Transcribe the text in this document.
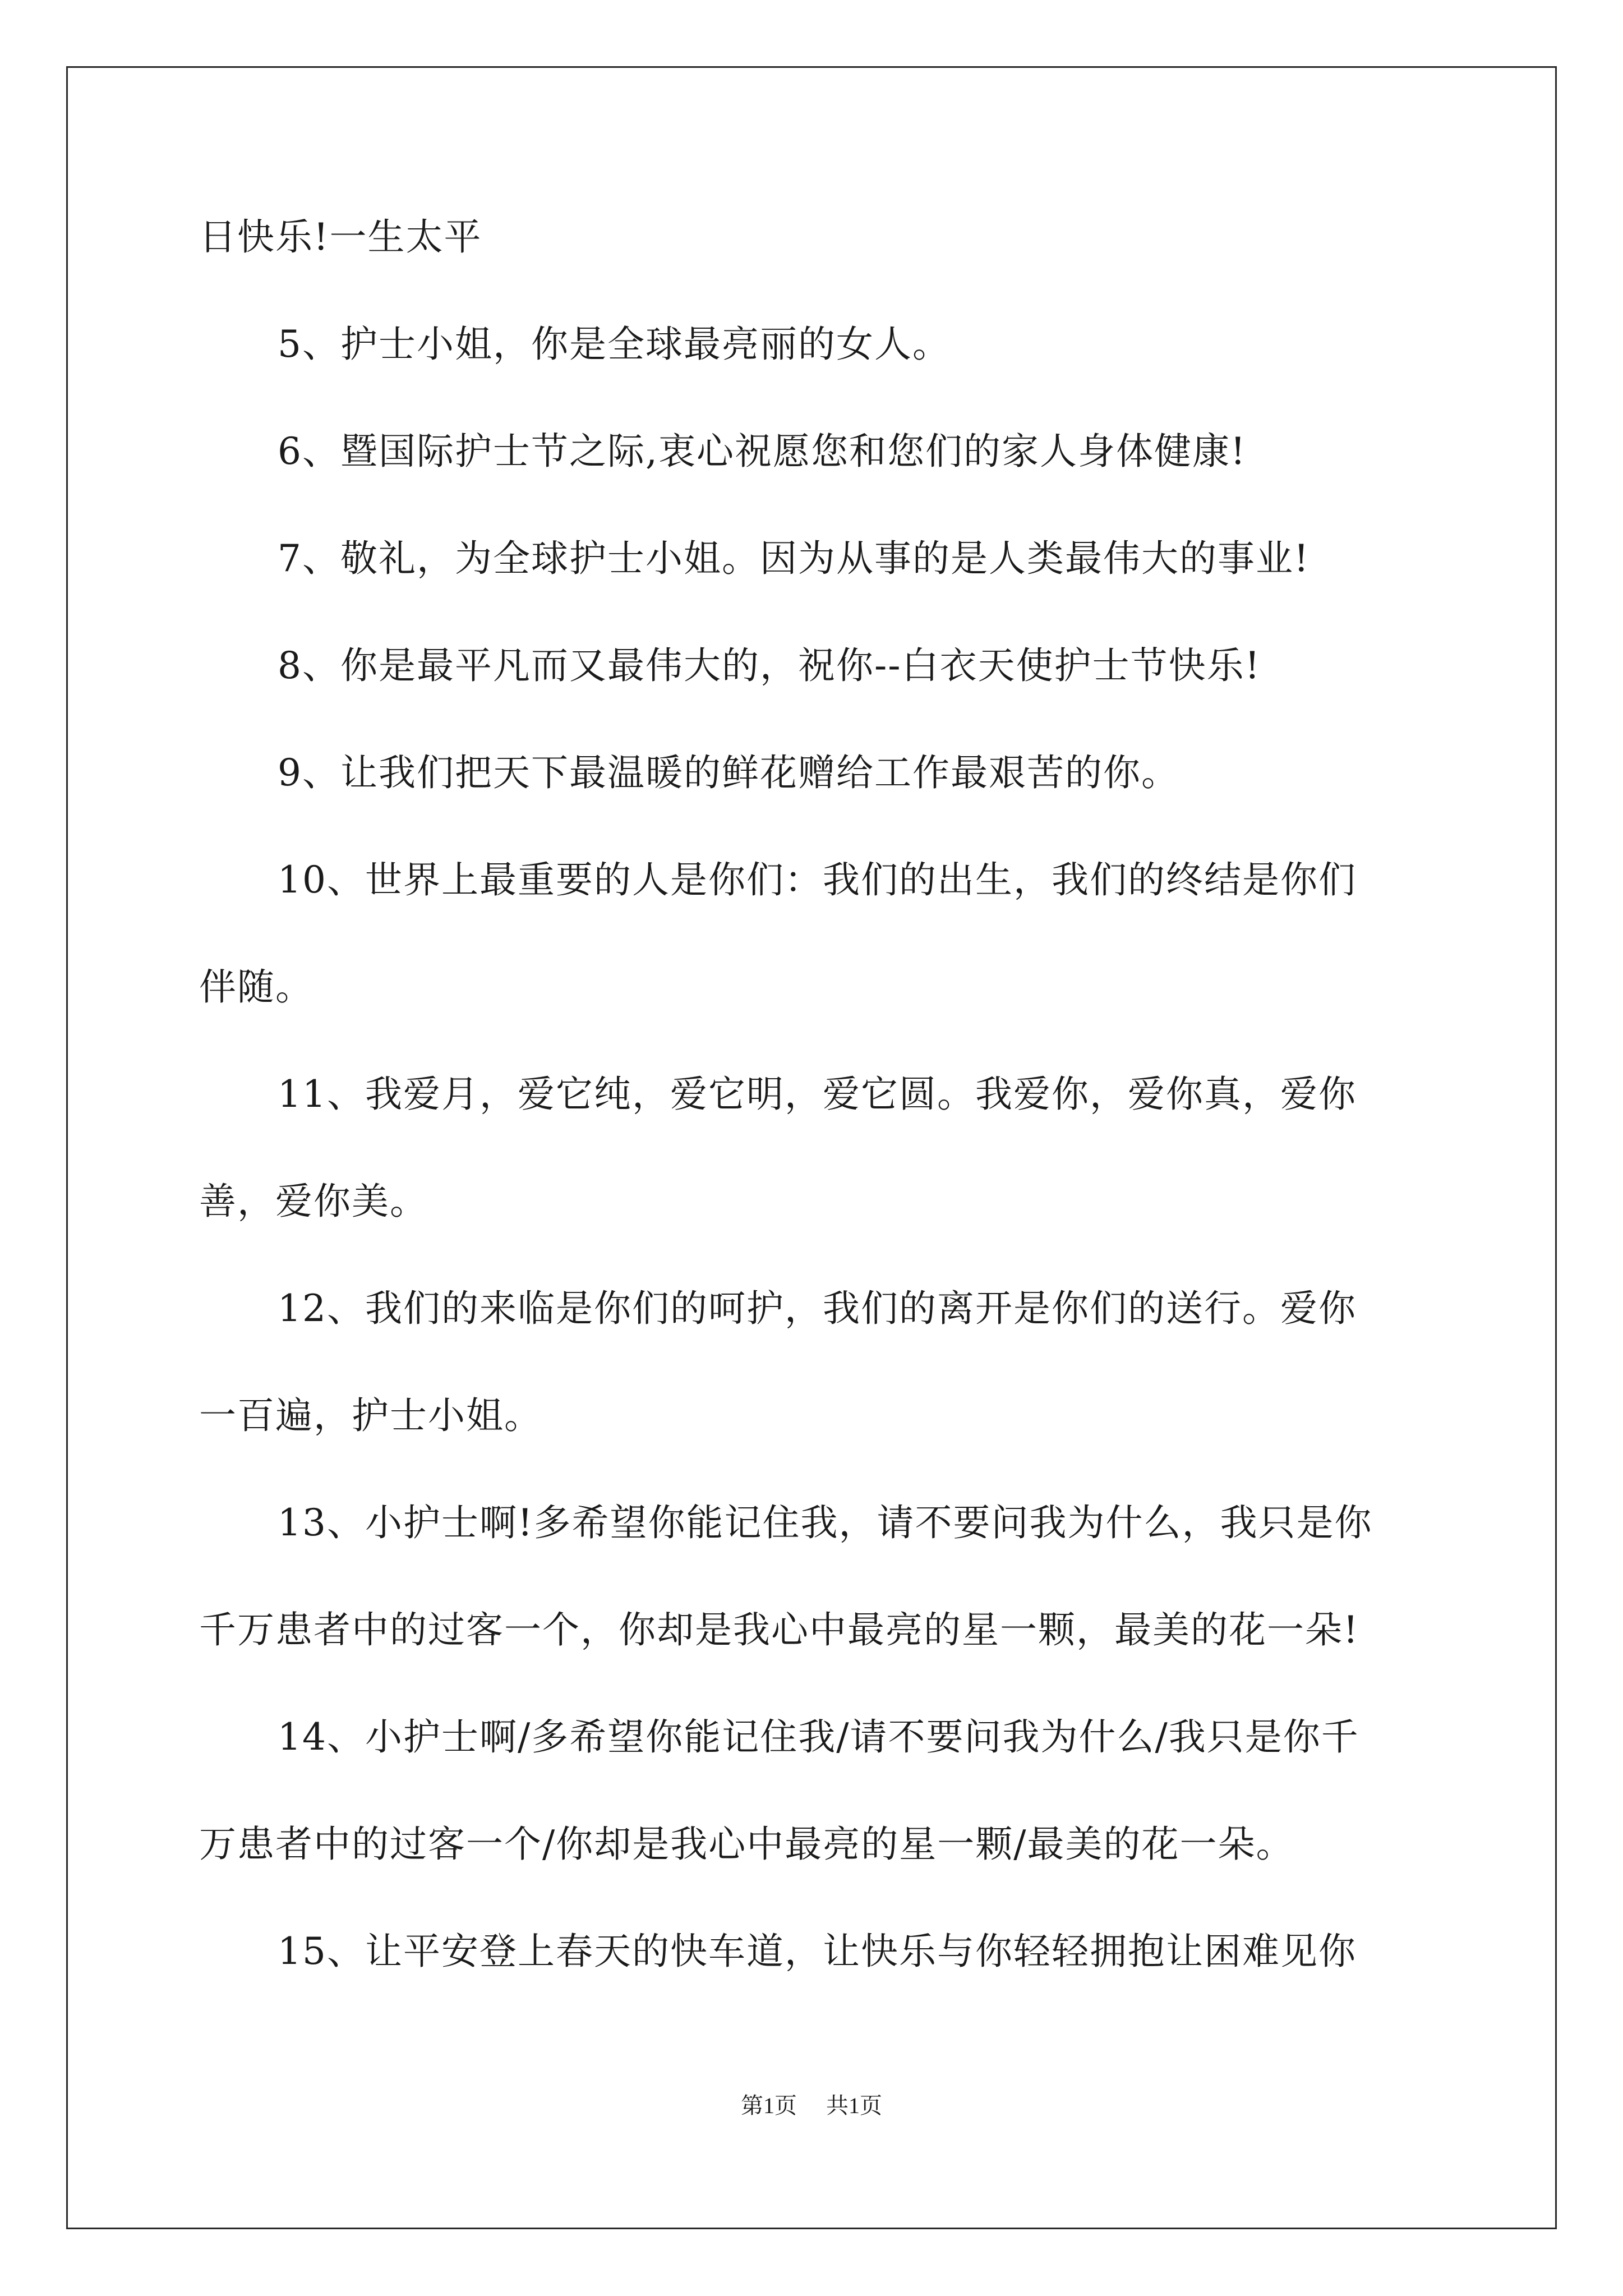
日快乐!一生太平
5、护士小姐，你是全球最亮丽的女人。
6、暨国际护士节之际,衷心祝愿您和您们的家人身体健康!
7、敬礼，为全球护士小姐。因为从事的是人类最伟大的事业!
8、你是最平凡而又最伟大的，祝你--白衣天使护士节快乐!
9、让我们把天下最温暖的鲜花赠给工作最艰苦的你。
10、世界上最重要的人是你们：我们的出生，我们的终结是你们
伴随。
11、我爱月，爱它纯，爱它明，爱它圆。我爱你，爱你真，爱你
善，爱你美。
12、我们的来临是你们的呵护，我们的离开是你们的送行。爱你
一百遍，护士小姐。
13、小护士啊!多希望你能记住我，请不要问我为什么，我只是你
千万患者中的过客一个，你却是我心中最亮的星一颗，最美的花一朵!
14、小护士啊/多希望你能记住我/请不要问我为什么/我只是你千
万患者中的过客一个/你却是我心中最亮的星一颗/最美的花一朵。
15、让平安登上春天的快车道，让快乐与你轻轻拥抱让困难见你
第1页 共1页
